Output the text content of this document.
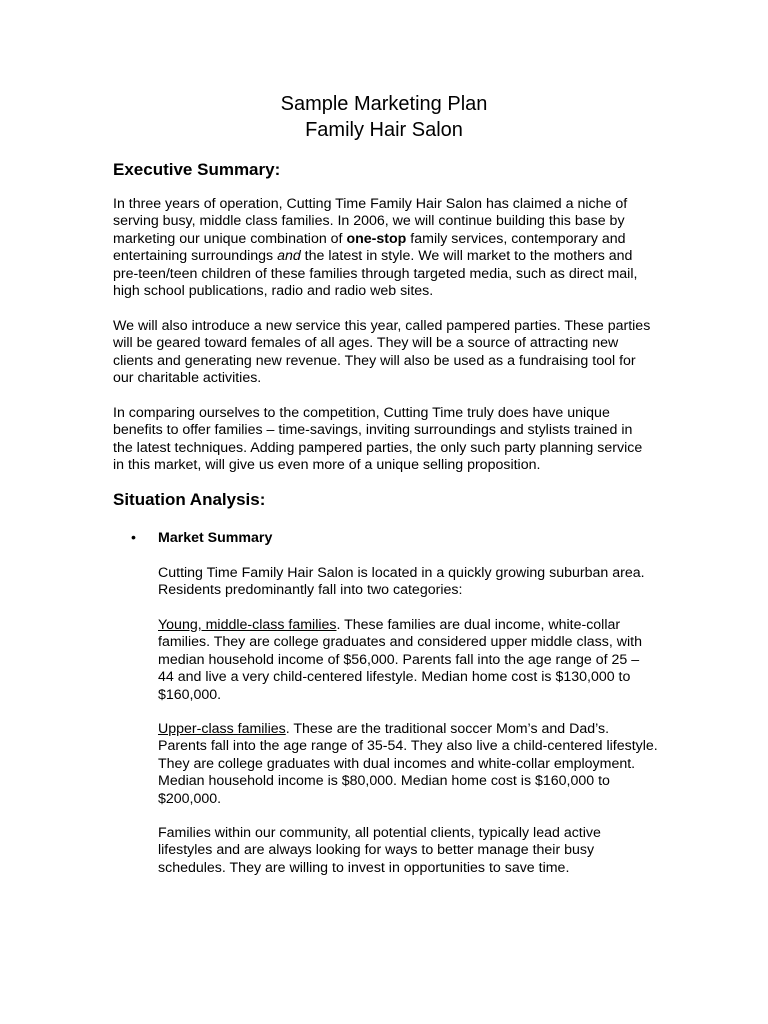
Sample Marketing Plan
Family Hair Salon
Executive Summary:

In three years of operation, Cutting Time Family Hair Salon has claimed a niche of serving busy, middle class families. In 2006, we will continue building this base by marketing our unique combination of one-stop family services, contemporary and entertaining surroundings and the latest in style. We will market to the mothers and pre-teen/teen children of these families through targeted media, such as direct mail, high school publications, radio and radio web sites.

We will also introduce a new service this year, called pampered parties. These parties will be geared toward females of all ages. They will be a source of attracting new clients and generating new revenue. They will also be used as a fundraising tool for our charitable activities.

In comparing ourselves to the competition, Cutting Time truly does have unique benefits to offer families – time-savings, inviting surroundings and stylists trained in the latest techniques. Adding pampered parties, the only such party planning service in this market, will give us even more of a unique selling proposition.

Situation Analysis:
• Market Summary

Cutting Time Family Hair Salon is located in a quickly growing suburban area. Residents predominantly fall into two categories:

Young, middle-class families. These families are dual income, white-collar families. They are college graduates and considered upper middle class, with median household income of $56,000. Parents fall into the age range of 25 – 44 and live a very child-centered lifestyle. Median home cost is $130,000 to $160,000.

Upper-class families. These are the traditional soccer Mom’s and Dad’s. Parents fall into the age range of 35-54. They also live a child-centered lifestyle. They are college graduates with dual incomes and white-collar employment. Median household income is $80,000. Median home cost is $160,000 to $200,000.

Families within our community, all potential clients, typically lead active lifestyles and are always looking for ways to better manage their busy schedules. They are willing to invest in opportunities to save time.
